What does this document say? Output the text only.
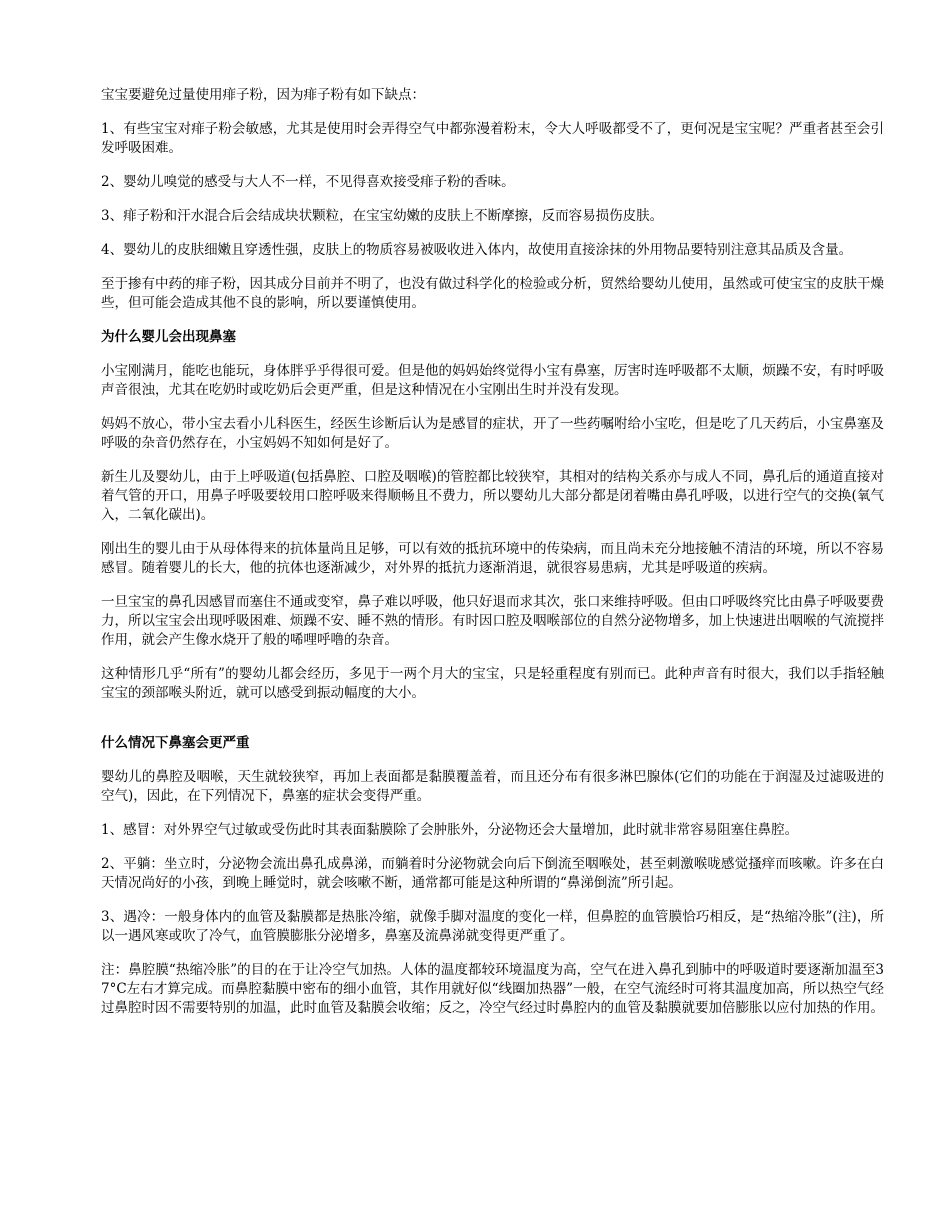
宝宝要避免过量使用痱子粉，因为痱子粉有如下缺点：

1、有些宝宝对痱子粉会敏感，尤其是使用时会弄得空气中都弥漫着粉末，令大人呼吸都受不了，更何况是宝宝呢？严重者甚至会引发呼吸困难。

2、婴幼儿嗅觉的感受与大人不一样，不见得喜欢接受痱子粉的香味。

3、痱子粉和汗水混合后会结成块状颗粒，在宝宝幼嫩的皮肤上不断摩擦，反而容易损伤皮肤。

4、婴幼儿的皮肤细嫩且穿透性强，皮肤上的物质容易被吸收进入体内，故使用直接涂抹的外用物品要特别注意其品质及含量。

至于掺有中药的痱子粉，因其成分目前并不明了，也没有做过科学化的检验或分析，贸然给婴幼儿使用，虽然或可使宝宝的皮肤干燥些，但可能会造成其他不良的影响，所以要谨慎使用。

为什么婴儿会出现鼻塞

小宝刚满月，能吃也能玩，身体胖乎乎得很可爱。但是他的妈妈始终觉得小宝有鼻塞，厉害时连呼吸都不太顺，烦躁不安，有时呼吸声音很浊，尤其在吃奶时或吃奶后会更严重，但是这种情况在小宝刚出生时并没有发现。

妈妈不放心，带小宝去看小儿科医生，经医生诊断后认为是感冒的症状，开了一些药嘱咐给小宝吃，但是吃了几天药后，小宝鼻塞及呼吸的杂音仍然存在，小宝妈妈不知如何是好了。

新生儿及婴幼儿，由于上呼吸道(包括鼻腔、口腔及咽喉)的管腔都比较狭窄，其相对的结构关系亦与成人不同，鼻孔后的通道直接对着气管的开口，用鼻子呼吸要较用口腔呼吸来得顺畅且不费力，所以婴幼儿大部分都是闭着嘴由鼻孔呼吸，以进行空气的交换(氧气入，二氧化碳出)。

刚出生的婴儿由于从母体得来的抗体量尚且足够，可以有效的抵抗环境中的传染病，而且尚未充分地接触不清洁的环境，所以不容易感冒。随着婴儿的长大，他的抗体也逐渐减少，对外界的抵抗力逐渐消退，就很容易患病，尤其是呼吸道的疾病。

一旦宝宝的鼻孔因感冒而塞住不通或变窄，鼻子难以呼吸，他只好退而求其次，张口来维持呼吸。但由口呼吸终究比由鼻子呼吸要费力，所以宝宝会出现呼吸困难、烦躁不安、睡不熟的情形。有时因口腔及咽喉部位的自然分泌物增多，加上快速进出咽喉的气流搅拌作用，就会产生像水烧开了般的唏哩呼噜的杂音。

这种情形几乎“所有”的婴幼儿都会经历，多见于一两个月大的宝宝，只是轻重程度有别而已。此种声音有时很大，我们以手指轻触宝宝的颈部喉头附近，就可以感受到振动幅度的大小。

什么情况下鼻塞会更严重

婴幼儿的鼻腔及咽喉，天生就较狭窄，再加上表面都是黏膜覆盖着，而且还分布有很多淋巴腺体(它们的功能在于润湿及过滤吸进的空气)，因此，在下列情况下，鼻塞的症状会变得严重。

1、感冒：对外界空气过敏或受伤此时其表面黏膜除了会肿胀外，分泌物还会大量增加，此时就非常容易阻塞住鼻腔。

2、平躺：坐立时，分泌物会流出鼻孔成鼻涕，而躺着时分泌物就会向后下倒流至咽喉处，甚至刺激喉咙感觉搔痒而咳嗽。许多在白天情况尚好的小孩，到晚上睡觉时，就会咳嗽不断，通常都可能是这种所谓的“鼻涕倒流”所引起。

3、遇冷：一般身体内的血管及黏膜都是热胀冷缩，就像手脚对温度的变化一样，但鼻腔的血管膜恰巧相反，是“热缩冷胀”(注)，所以一遇风寒或吹了冷气，血管膜膨胀分泌增多，鼻塞及流鼻涕就变得更严重了。

注：鼻腔膜“热缩冷胀”的目的在于让冷空气加热。人体的温度都较环境温度为高，空气在进入鼻孔到肺中的呼吸道时要逐渐加温至37°C左右才算完成。而鼻腔黏膜中密布的细小血管，其作用就好似“线圈加热器”一般，在空气流经时可将其温度加高，所以热空气经过鼻腔时因不需要特别的加温，此时血管及黏膜会收缩；反之，冷空气经过时鼻腔内的血管及黏膜就要加倍膨胀以应付加热的作用。
